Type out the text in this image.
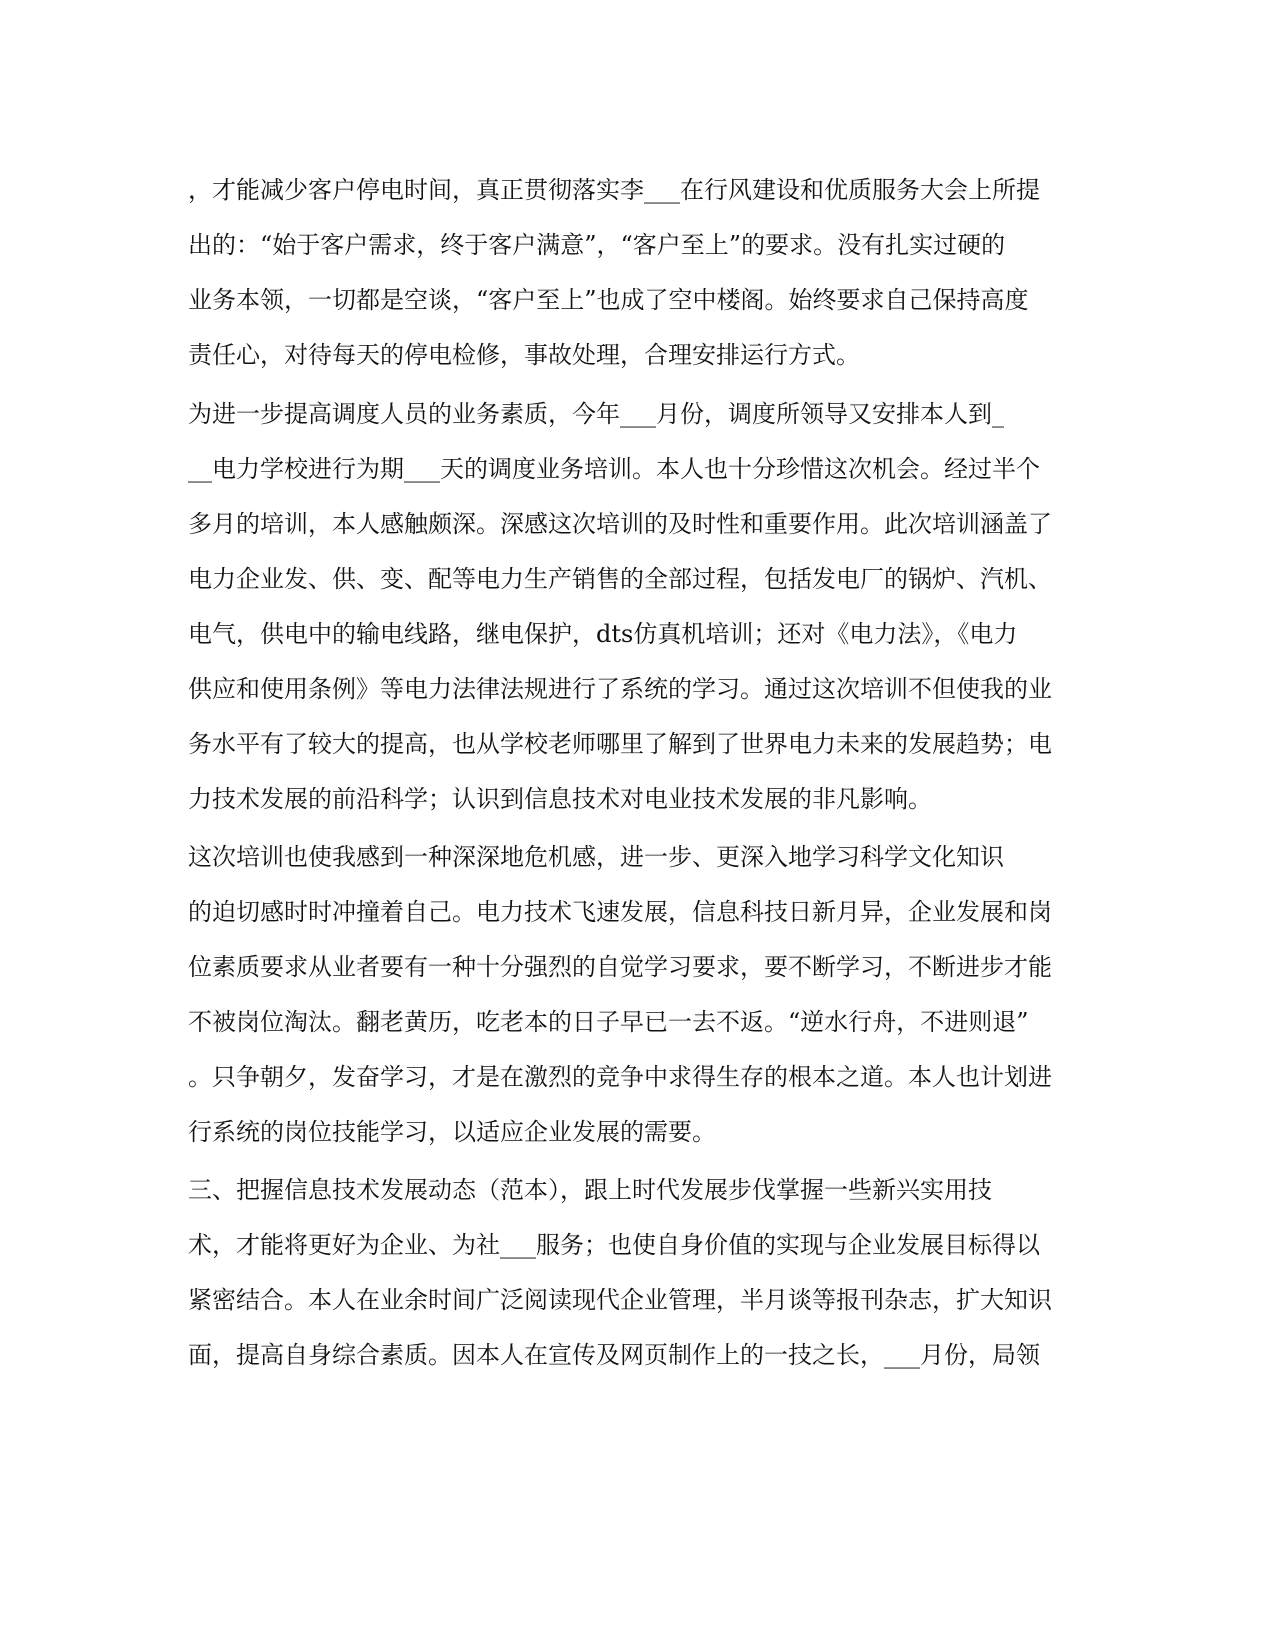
，才能减少客户停电时间，真正贯彻落实李___在行风建设和优质服务大会上所提
出的：“始于客户需求，终于客户满意”，“客户至上”的要求。没有扎实过硬的
业务本领，一切都是空谈，“客户至上”也成了空中楼阁。始终要求自己保持高度
责任心，对待每天的停电检修，事故处理，合理安排运行方式。
为进一步提高调度人员的业务素质，今年___月份，调度所领导又安排本人到_
__电力学校进行为期___天的调度业务培训。本人也十分珍惜这次机会。经过半个
多月的培训，本人感触颇深。深感这次培训的及时性和重要作用。此次培训涵盖了
电力企业发、供、变、配等电力生产销售的全部过程，包括发电厂的锅炉、汽机、
电气，供电中的输电线路，继电保护，dts仿真机培训；还对《电力法》，《电力
供应和使用条例》等电力法律法规进行了系统的学习。通过这次培训不但使我的业
务水平有了较大的提高，也从学校老师哪里了解到了世界电力未来的发展趋势；电
力技术发展的前沿科学；认识到信息技术对电业技术发展的非凡影响。
这次培训也使我感到一种深深地危机感，进一步、更深入地学习科学文化知识
的迫切感时时冲撞着自己。电力技术飞速发展，信息科技日新月异，企业发展和岗
位素质要求从业者要有一种十分强烈的自觉学习要求，要不断学习，不断进步才能
不被岗位淘汰。翻老黄历，吃老本的日子早已一去不返。“逆水行舟，不进则退”
。只争朝夕，发奋学习，才是在激烈的竞争中求得生存的根本之道。本人也计划进
行系统的岗位技能学习，以适应企业发展的需要。
三、把握信息技术发展动态（范本），跟上时代发展步伐掌握一些新兴实用技
术，才能将更好为企业、为社___服务；也使自身价值的实现与企业发展目标得以
紧密结合。本人在业余时间广泛阅读现代企业管理，半月谈等报刊杂志，扩大知识
面，提高自身综合素质。因本人在宣传及网页制作上的一技之长，___月份，局领
